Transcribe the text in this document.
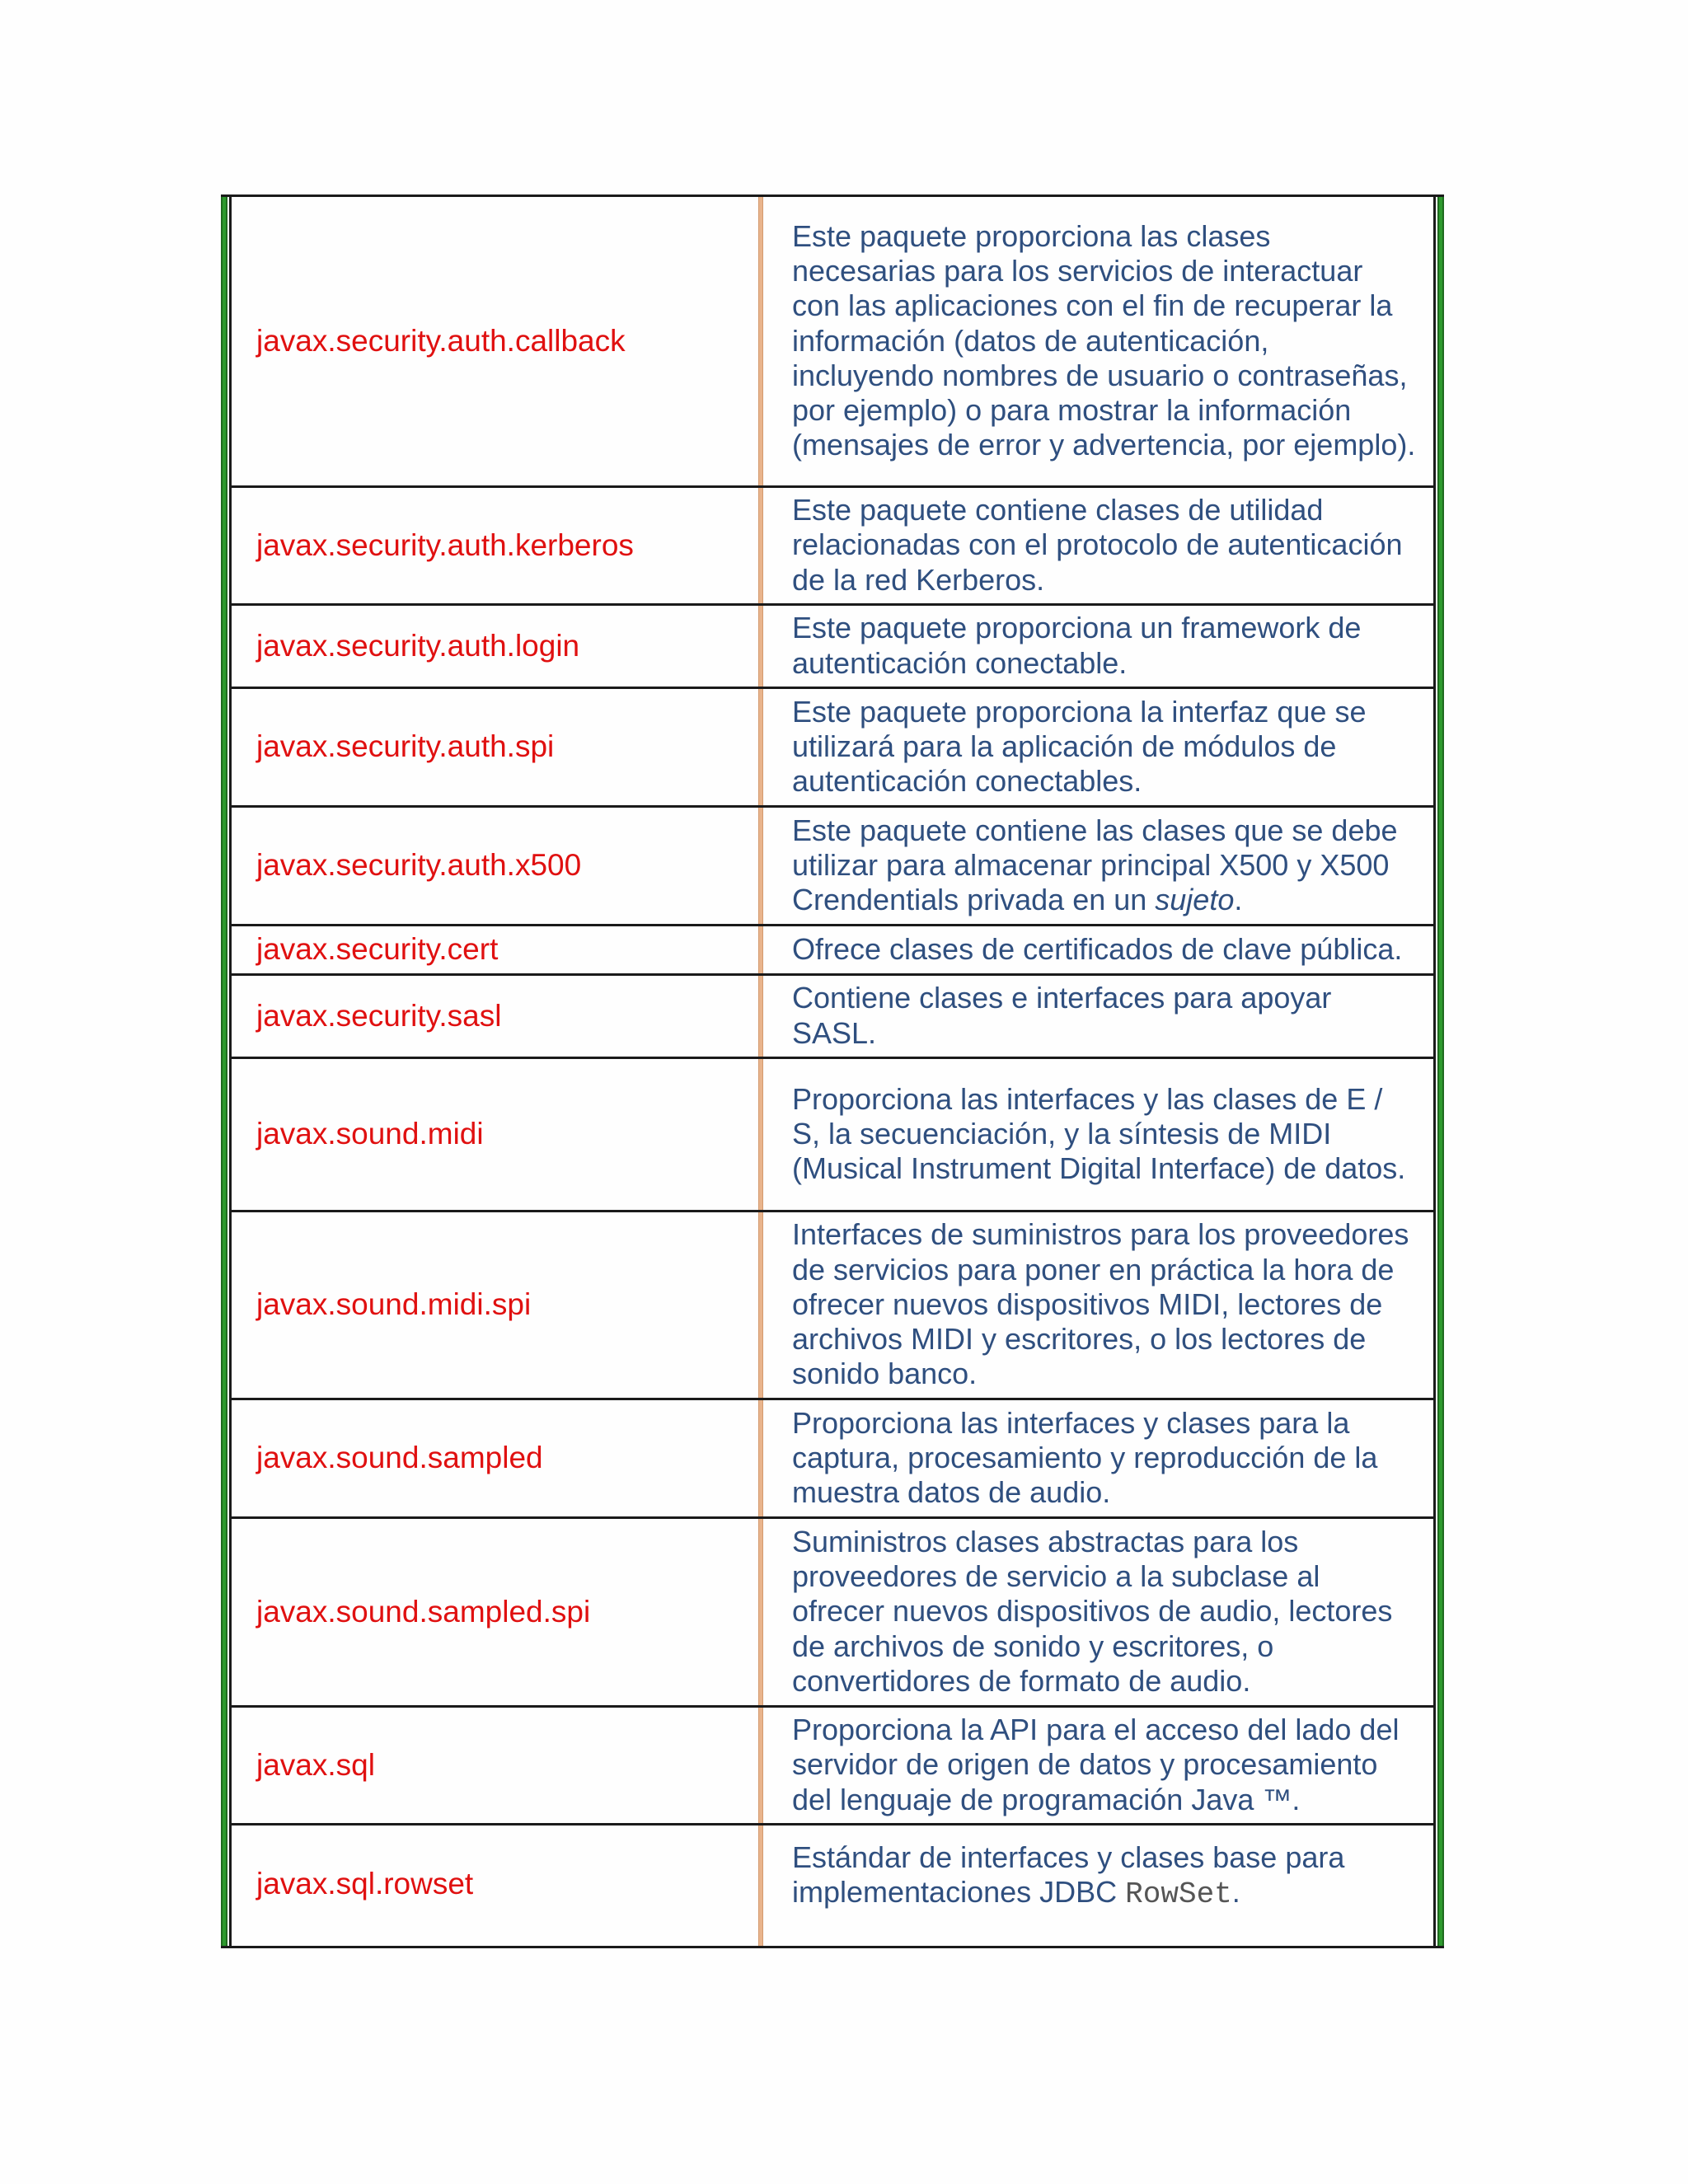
javax.security.auth.callback		Este paquete proporciona las clases necesarias para los servicios de interactuar con las aplicaciones con el fin de recuperar la información (datos de autenticación, incluyendo nombres de usuario o contraseñas, por ejemplo) o para mostrar la información (mensajes de error y advertencia, por ejemplo).
javax.security.auth.kerberos		Este paquete contiene clases de utilidad relacionadas con el protocolo de autenticación de la red Kerberos.
javax.security.auth.login		Este paquete proporciona un framework de autenticación conectable.
javax.security.auth.spi		Este paquete proporciona la interfaz que se utilizará para la aplicación de módulos de autenticación conectables.
javax.security.auth.x500		Este paquete contiene las clases que se debe utilizar para almacenar principal X500 y X500 Crendentials privada en un sujeto.
javax.security.cert		Ofrece clases de certificados de clave pública.
javax.security.sasl		Contiene clases e interfaces para apoyar SASL.
javax.sound.midi		Proporciona las interfaces y las clases de E / S, la secuenciación, y la síntesis de MIDI (Musical Instrument Digital Interface) de datos.
javax.sound.midi.spi		Interfaces de suministros para los proveedores de servicios para poner en práctica la hora de ofrecer nuevos dispositivos MIDI, lectores de archivos MIDI y escritores, o los lectores de sonido banco.
javax.sound.sampled		Proporciona las interfaces y clases para la captura, procesamiento y reproducción de la muestra datos de audio.
javax.sound.sampled.spi		Suministros clases abstractas para los proveedores de servicio a la subclase al ofrecer nuevos dispositivos de audio, lectores de archivos de sonido y escritores, o convertidores de formato de audio.
javax.sql		Proporciona la API para el acceso del lado del servidor de origen de datos y procesamiento del lenguaje de programación Java ™.
javax.sql.rowset		Estándar de interfaces y clases base para implementaciones JDBC RowSet.
